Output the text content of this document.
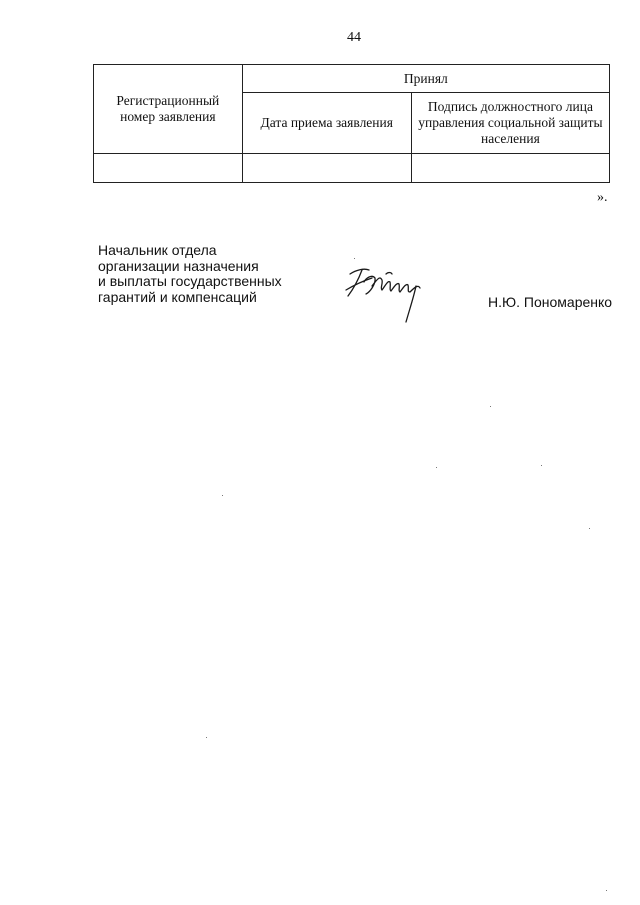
44
Регистрационный номер заявления	Принял	
	Дата приема заявления	Подпись должностного лица управления социальной защиты населения

».
Начальник отдела
организации назначения
и выплаты государственных
гарантий и компенсаций	Н.Ю. Пономаренко
